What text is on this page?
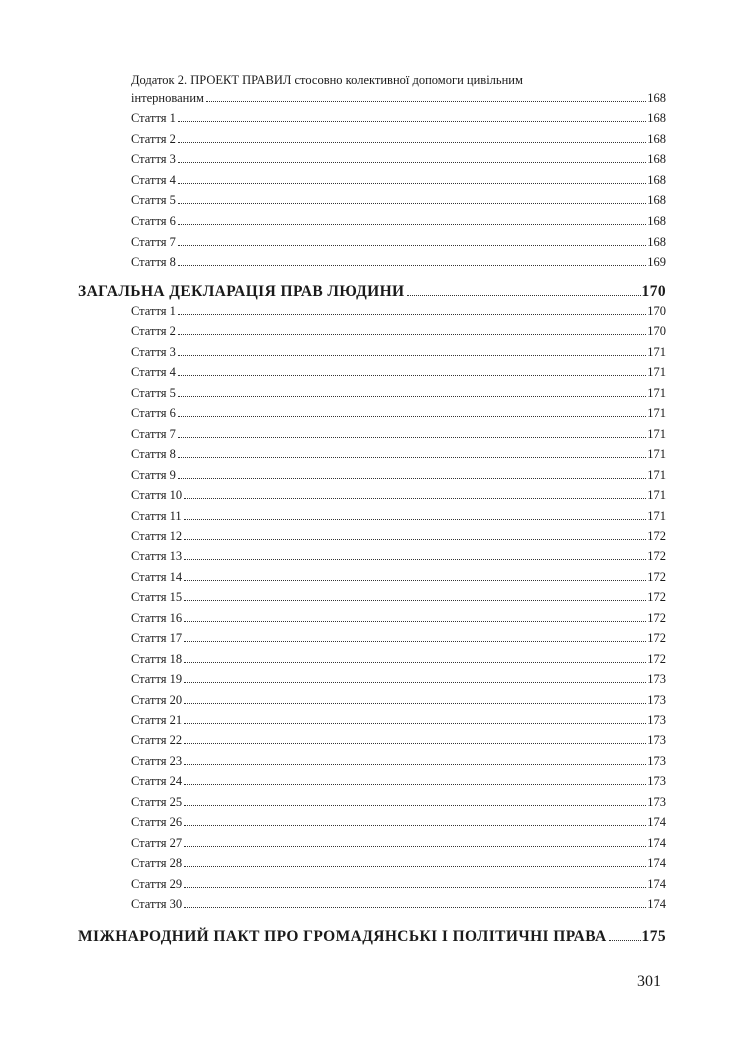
Додаток 2. ПРОЕКТ ПРАВИЛ стосовно колективної допомоги цивільним
інтернованим	168
Стаття 1	168
Стаття 2	168
Стаття 3	168
Стаття 4	168
Стаття 5	168
Стаття 6	168
Стаття 7	168
Стаття 8	169
ЗАГАЛЬНА ДЕКЛАРАЦІЯ ПРАВ ЛЮДИНИ	170
Стаття 1	170
Стаття 2	170
Стаття 3	171
Стаття 4	171
Стаття 5	171
Стаття 6	171
Стаття 7	171
Стаття 8	171
Стаття 9	171
Стаття 10	171
Стаття 11	171
Стаття 12	172
Стаття 13	172
Стаття 14	172
Стаття 15	172
Стаття 16	172
Стаття 17	172
Стаття 18	172
Стаття 19	173
Стаття 20	173
Стаття 21	173
Стаття 22	173
Стаття 23	173
Стаття 24	173
Стаття 25	173
Стаття 26	174
Стаття 27	174
Стаття 28	174
Стаття 29	174
Стаття 30	174
МІЖНАРОДНИЙ ПАКТ ПРО ГРОМАДЯНСЬКІ І ПОЛІТИЧНІ ПРАВА 175
301
